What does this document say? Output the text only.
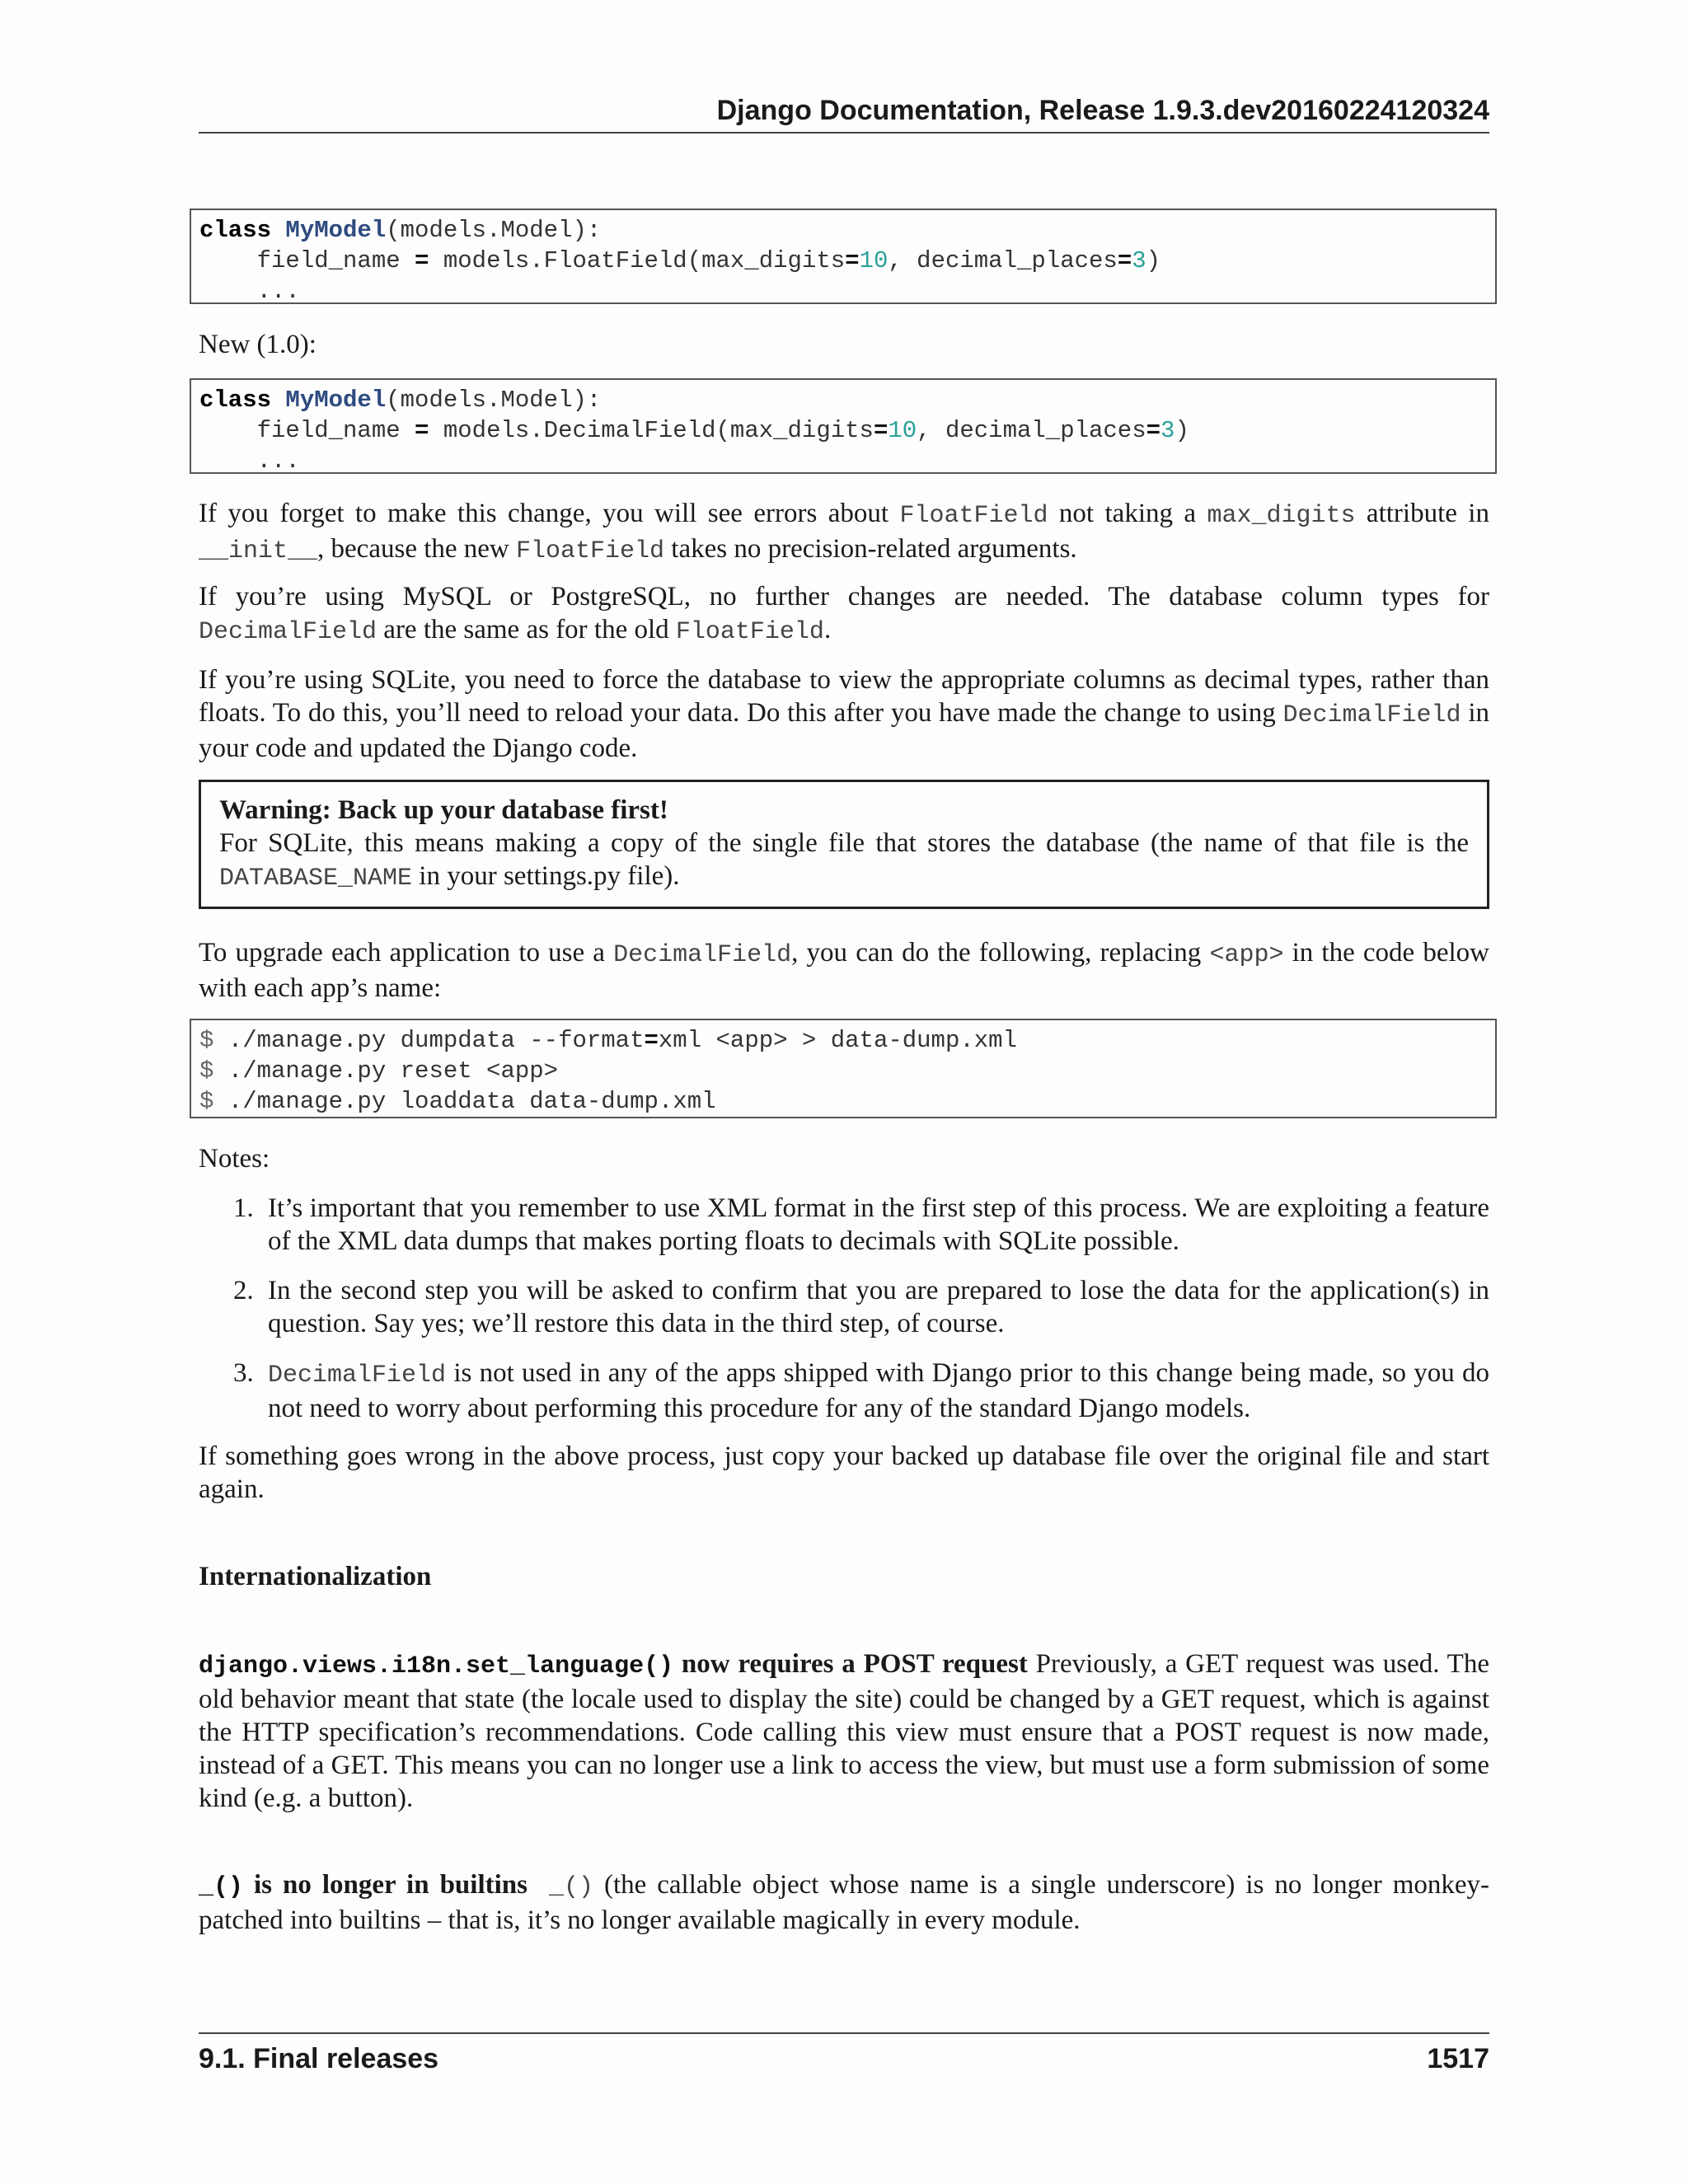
Django Documentation, Release 1.9.3.dev20160224120324
class MyModel(models.Model):
field_name = models.FloatField(max_digits=10, decimal_places=3)
...
New (1.0):
class MyModel(models.Model):
field_name = models.DecimalField(max_digits=10, decimal_places=3)
...
If you forget to make this change, you will see errors about FloatField not taking a max_digits attribute in __init__, because the new FloatField takes no precision-related arguments.
If you’re using MySQL or PostgreSQL, no further changes are needed. The database column types for DecimalField are the same as for the old FloatField.
If you’re using SQLite, you need to force the database to view the appropriate columns as decimal types, rather than floats. To do this, you’ll need to reload your data. Do this after you have made the change to using DecimalField in your code and updated the Django code.
Warning: Back up your database first!
For SQLite, this means making a copy of the single file that stores the database (the name of that file is the DATABASE_NAME in your settings.py file).
To upgrade each application to use a DecimalField, you can do the following, replacing <app> in the code below with each app’s name:
$ ./manage.py dumpdata --format=xml <app> > data-dump.xml
$ ./manage.py reset <app>
$ ./manage.py loaddata data-dump.xml
Notes:
1. It’s important that you remember to use XML format in the first step of this process. We are exploiting a feature of the XML data dumps that makes porting floats to decimals with SQLite possible.
2. In the second step you will be asked to confirm that you are prepared to lose the data for the application(s) in question. Say yes; we’ll restore this data in the third step, of course.
3. DecimalField is not used in any of the apps shipped with Django prior to this change being made, so you do not need to worry about performing this procedure for any of the standard Django models.
If something goes wrong in the above process, just copy your backed up database file over the original file and start again.
Internationalization
django.views.i18n.set_language() now requires a POST request Previously, a GET request was used. The old behavior meant that state (the locale used to display the site) could be changed by a GET request, which is against the HTTP specification’s recommendations. Code calling this view must ensure that a POST request is now made, instead of a GET. This means you can no longer use a link to access the view, but must use a form submission of some kind (e.g. a button).
_() is no longer in builtins _() (the callable object whose name is a single underscore) is no longer monkey-patched into builtins – that is, it’s no longer available magically in every module.
9.1. Final releases	1517
